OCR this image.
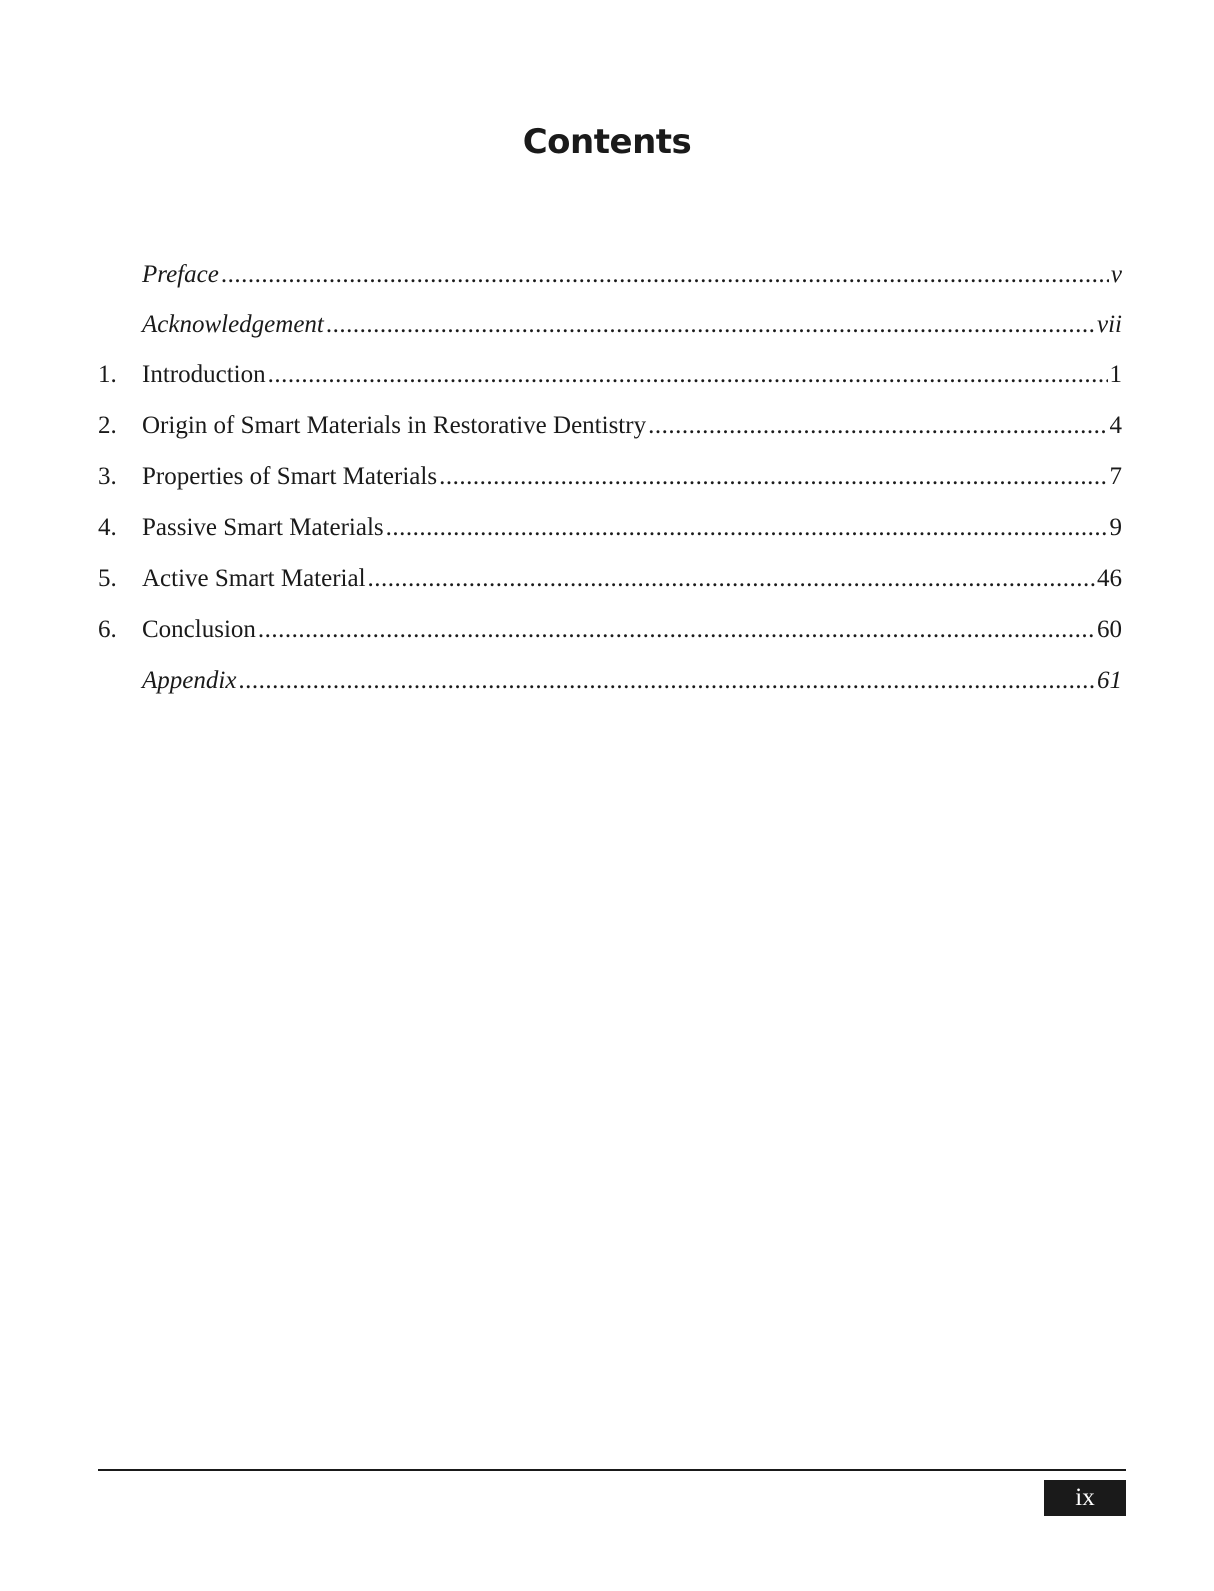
Contents
Preface .....	v
Acknowledgement .....	vii
1.	Introduction .....	1
2.	Origin of Smart Materials in Restorative Dentistry .....	4
3.	Properties of Smart Materials .....	7
4.	Passive Smart Materials .....	9
5.	Active Smart Material .....	46
6.	Conclusion .....	60
Appendix .....	61
ix
